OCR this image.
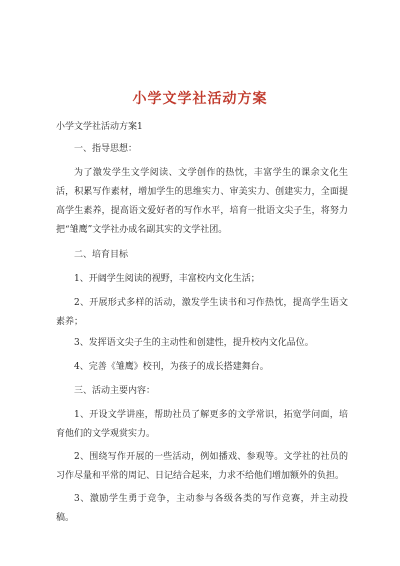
小学文学社活动方案
小学文学社活动方案1
一、指导思想：
为了激发学生文学阅读、文学创作的热忱，丰富学生的课余文化生活，积累写作素材，增加学生的思维实力、审美实力、创建实力，全面提高学生素养，提高语文爱好者的写作水平，培育一批语文尖子生，将努力把“雏鹰”文学社办成名副其实的文学社团。
二、培育目标
1、开阔学生阅读的视野，丰富校内文化生活；
2、开展形式多样的活动，激发学生读书和习作热忱，提高学生语文素养；
3、发挥语文尖子生的主动性和创建性，提升校内文化品位。
4、完善《雏鹰》校刊，为孩子的成长搭建舞台。
三、活动主要内容：
1、开设文学讲座，帮助社员了解更多的文学常识，拓宽学问面，培育他们的文学观赏实力。
2、围绕写作开展的一些活动，例如播戏、参观等。文学社的社员的习作尽量和平常的周记、日记结合起来，力求不给他们增加额外的负担。
3、激励学生勇于竞争，主动参与各级各类的写作竞赛，并主动投稿。
